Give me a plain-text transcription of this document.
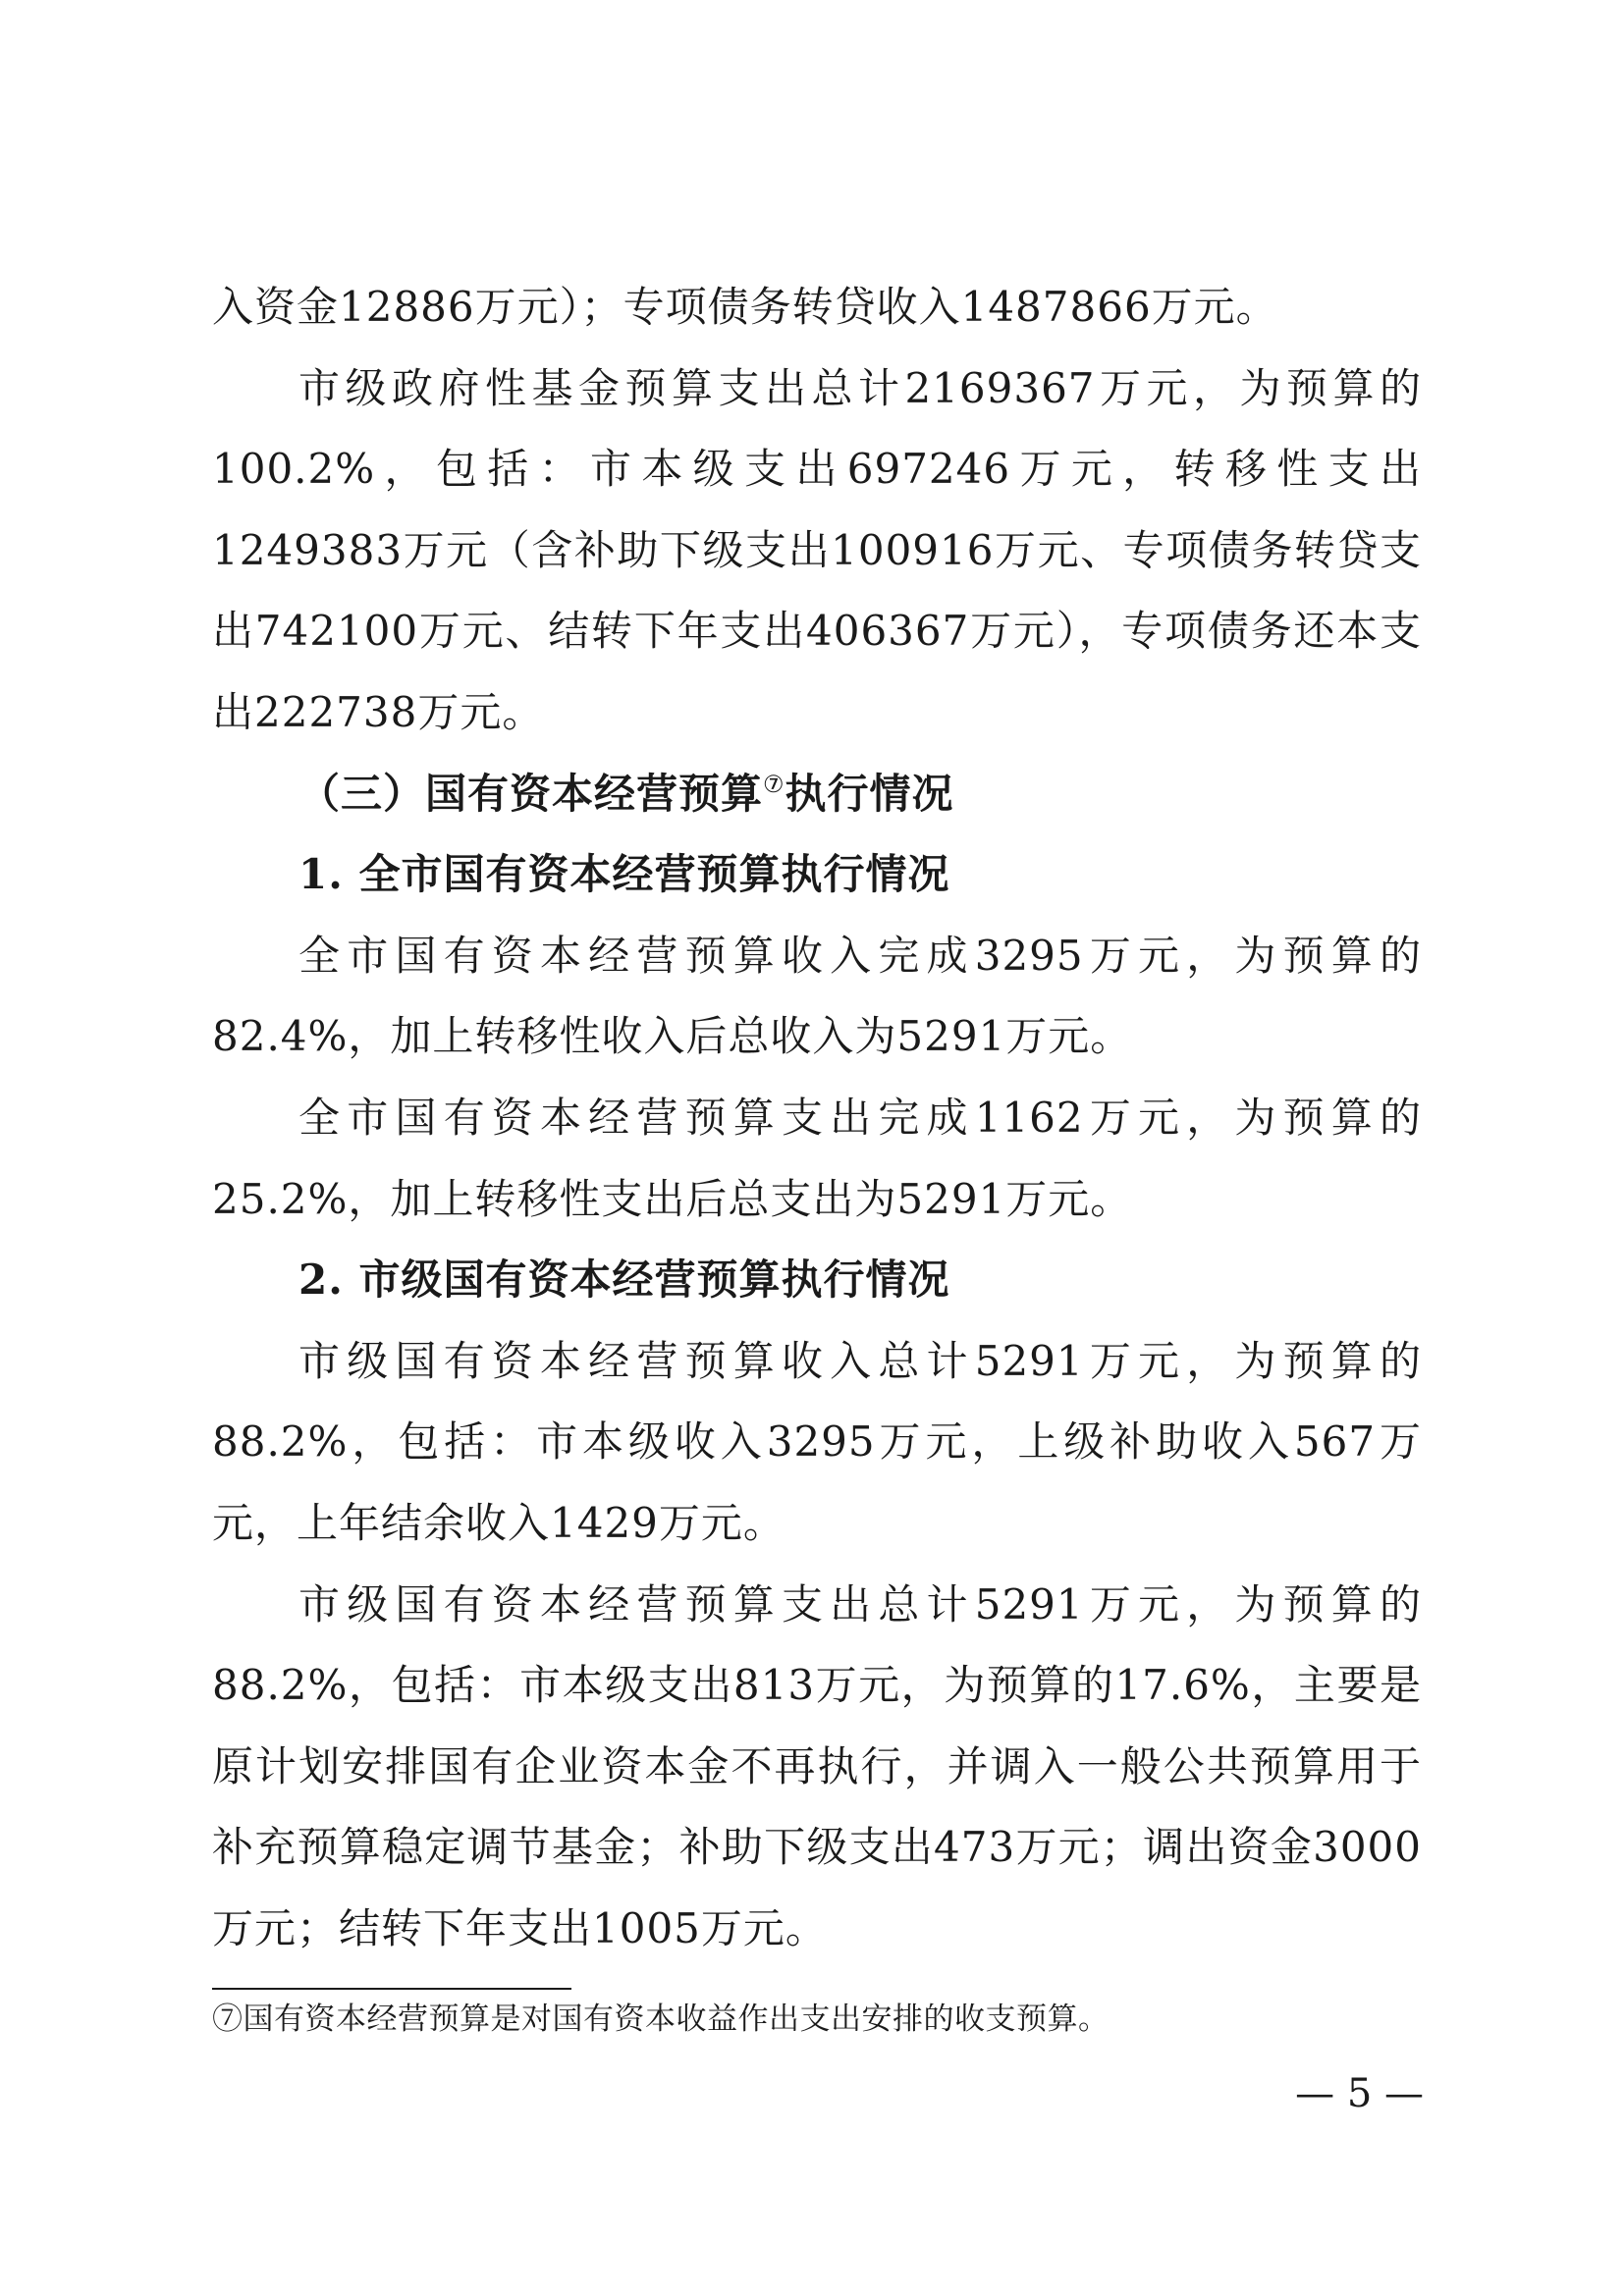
入资金12886万元）；专项债务转贷收入1487866万元。

市级政府性基金预算支出总计2169367万元，为预算的100.2%，包括：市本级支出697246万元，转移性支出1249383万元（含补助下级支出100916万元、专项债务转贷支出742100万元、结转下年支出406367万元），专项债务还本支出222738万元。

（三）国有资本经营预算⑦执行情况
1. 全市国有资本经营预算执行情况

全市国有资本经营预算收入完成3295万元，为预算的82.4%，加上转移性收入后总收入为5291万元。

全市国有资本经营预算支出完成1162万元，为预算的25.2%，加上转移性支出后总支出为5291万元。

2. 市级国有资本经营预算执行情况

市级国有资本经营预算收入总计5291万元，为预算的88.2%，包括：市本级收入3295万元，上级补助收入567万元，上年结余收入1429万元。

市级国有资本经营预算支出总计5291万元，为预算的88.2%，包括：市本级支出813万元，为预算的17.6%，主要是原计划安排国有企业资本金不再执行，并调入一般公共预算用于补充预算稳定调节基金；补助下级支出473万元；调出资金3000万元；结转下年支出1005万元。

⑦国有资本经营预算是对国有资本收益作出支出安排的收支预算。
— 5 —
